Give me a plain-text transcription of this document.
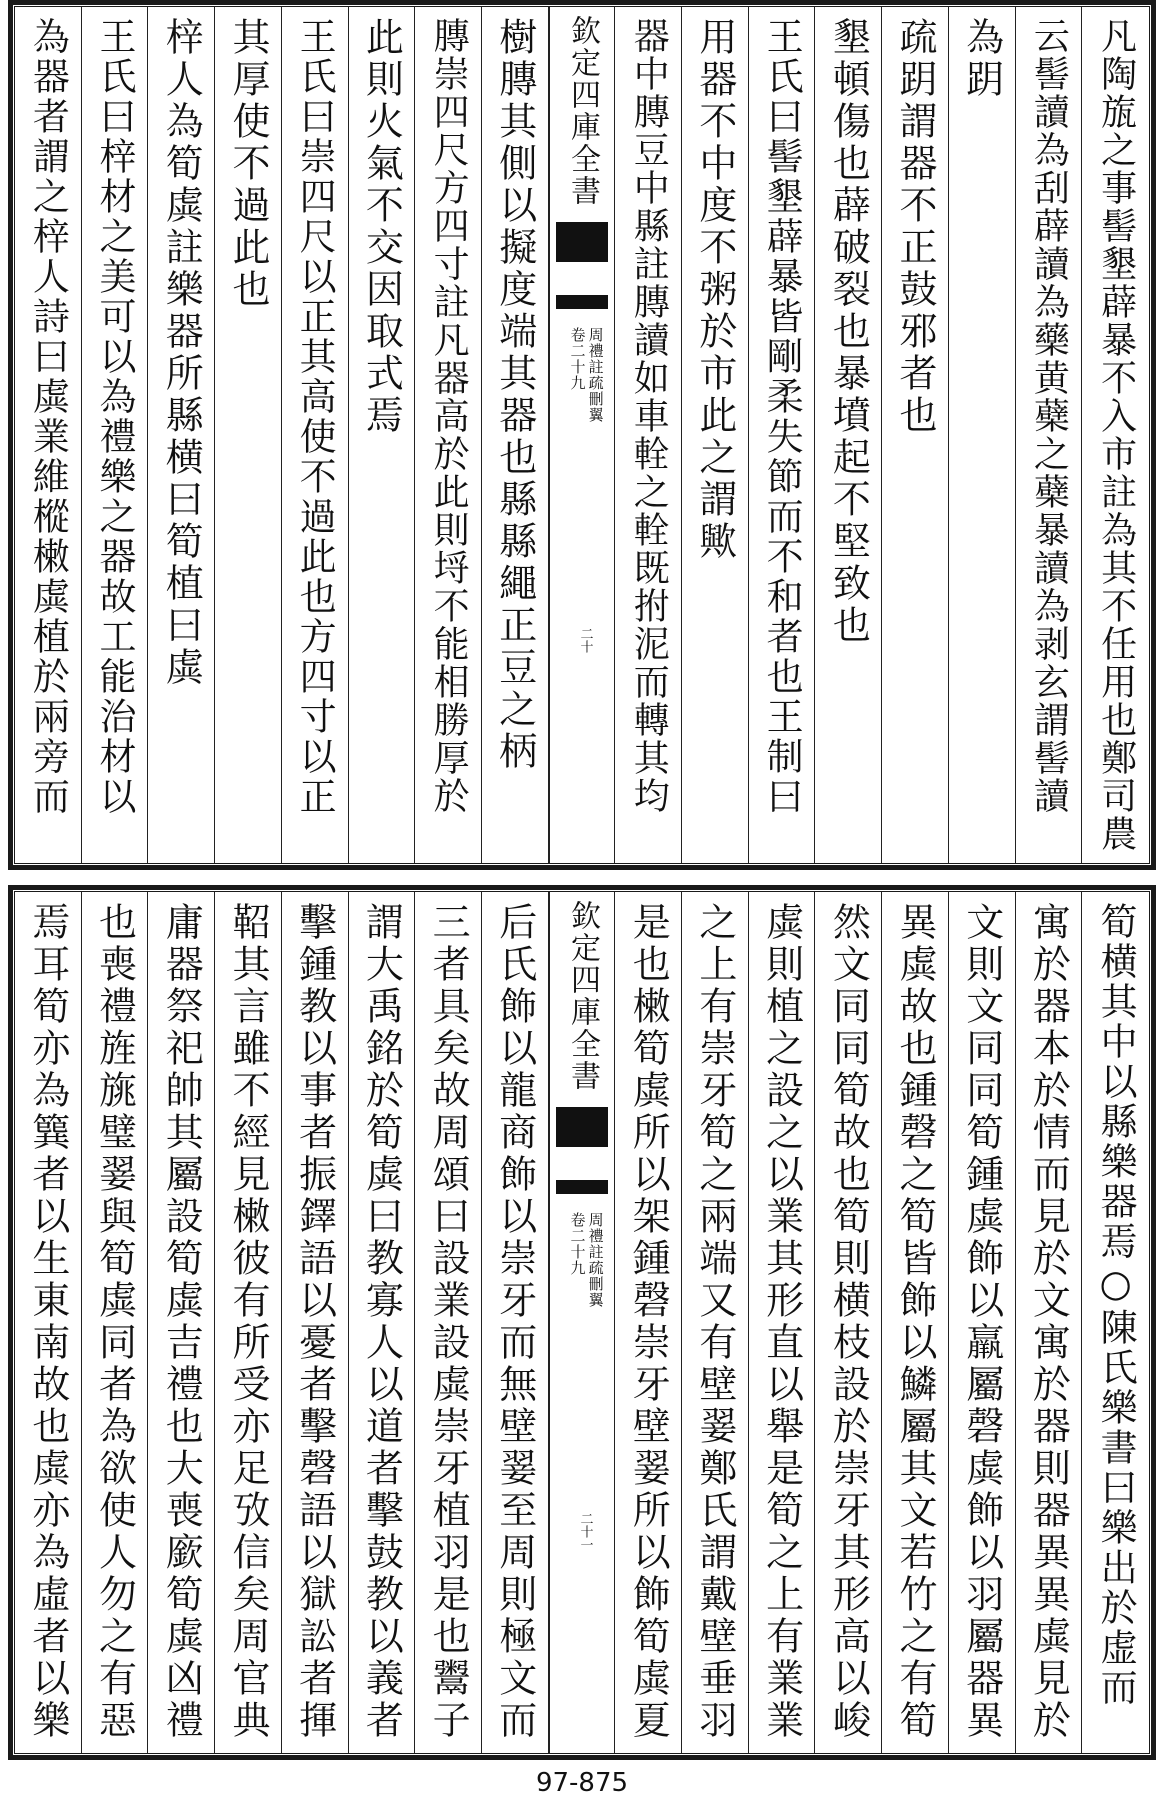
樹膞其側以擬度端其器也縣縣繩正豆之柄
膞崇四尺方四寸註凡器高於此則埒不能相勝厚於
此則火氣不交因取式焉
王氏曰崇四尺以正其高使不過此也方四寸以正
其厚使不過此也
梓人為筍虡註樂器所縣横曰筍植曰虡
王氏曰梓材之美可以為禮樂之器故工能治材以
為器者謂之梓人詩曰虡業維樅𣙙虡植於兩旁而	欽定四庫全書
周禮註疏刪翼
卷二十九
二十	凡陶旊之事髻墾薜暴不入市註為其不任用也鄭司農
云髻讀為刮薜讀為藥黄蘗之蘗暴讀為剥玄謂髻讀
為跀
疏跀謂器不正鼓邪者也
墾頓傷也薜破裂也暴墳起不堅致也
王氏曰髻墾薜暴皆剛柔失節而不和者也王制曰
用器不中度不粥於市此之謂歟
器中膞豆中縣註膞讀如車輇之輇既拊泥而轉其均
后氏飾以龍商飾以崇牙而無壁翣至周則極文而
三者具矣故周頌曰設業設虡崇牙植羽是也鬻子
謂大禹銘於筍虡曰教寡人以道者擊鼓教以義者
擊鍾教以事者振鐸語以憂者擊磬語以獄訟者揮
鞀其言雖不經見𣙙彼有所受亦足攷信矣周官典
庸器祭祀帥其屬設筍虡吉禮也大喪廞筍虡凶禮
也喪禮旌旐璧翣與筍虡同者為欲使人勿之有惡
焉耳筍亦為簨者以生東南故也虡亦為虛者以樂	欽定四庫全書
周禮註疏刪翼
卷二十九
二十一	筍横其中以縣樂器焉○陳氏樂書曰樂出於虚而
寓於器本於情而見於文寓於器則器異異虡見於
文則文同同筍鍾虡飾以羸屬磬虡飾以羽屬器異
異虡故也鍾磬之筍皆飾以鱗屬其文若竹之有筍
然文同同筍故也筍則横枝設於崇牙其形高以峻
虡則植之設之以業其形直以舉是筍之上有業業
之上有崇牙筍之兩端又有壁翣鄭氏謂戴壁垂羽
是也𣙙筍虡所以架鍾磬崇牙壁翣所以飾筍虡夏
97-875
